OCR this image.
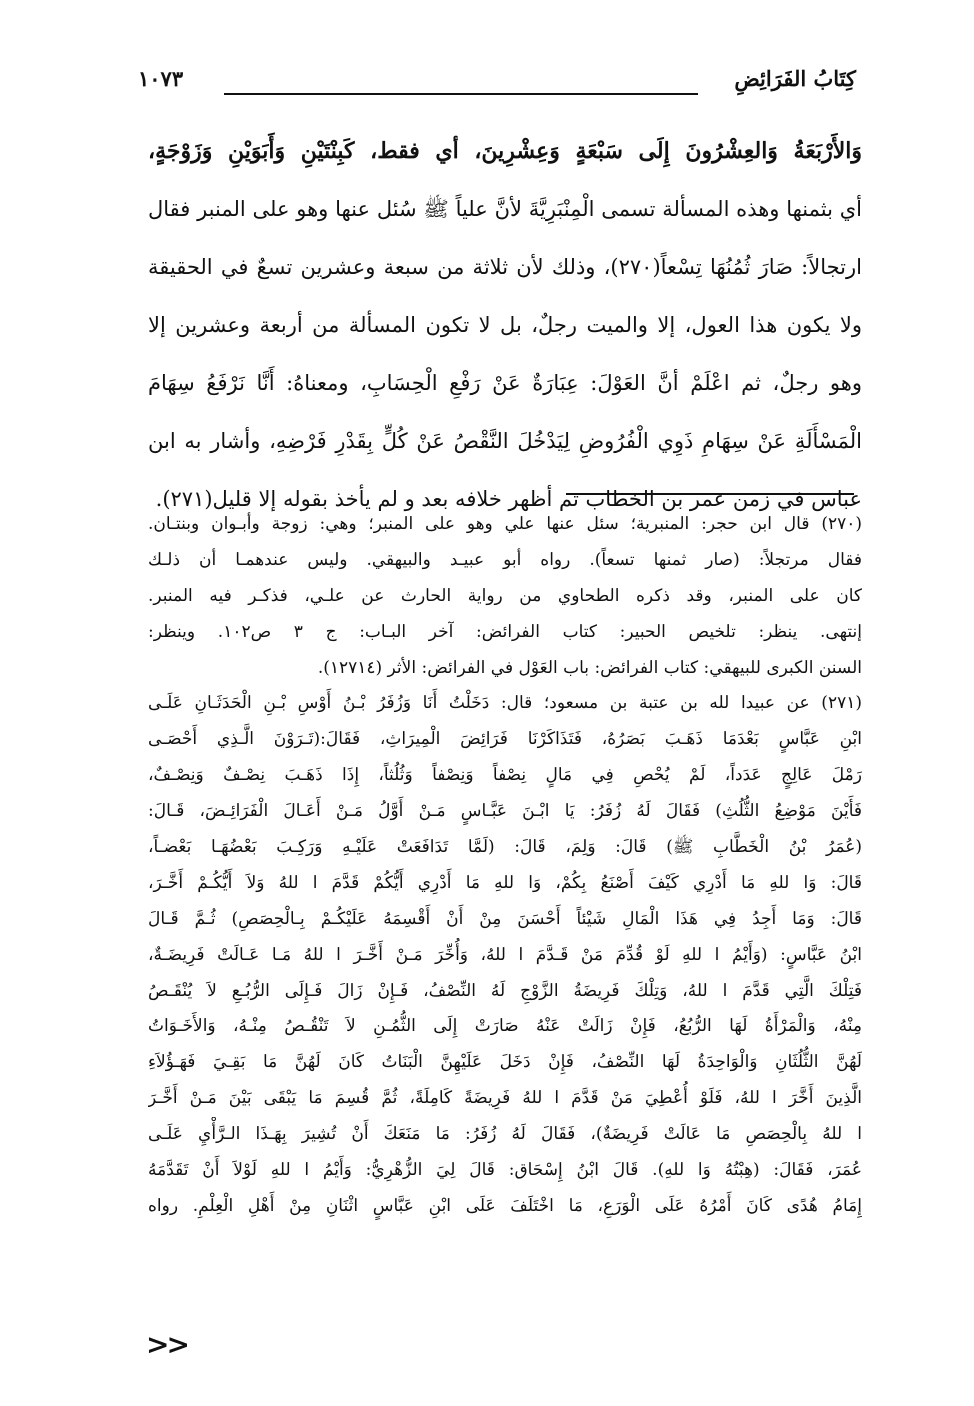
كِتَابُ الفَرَائِضِ
١٠٧٣
وَالأَرْبَعَةُ وَالعِشْرُونَ إِلَى سَبْعَةٍ وَعِشْرِينَ، أي فقط، كَبِنْتَيْنِ وَأَبَوَيْنِ وَزَوْجَةٍ،
أي بثمنها وهذه المسألة تسمى الْمِنْبَرِيَّةَ لأنَّ علياً ﷺ سُئل عنها وهو على المنبر فقال
ارتجالاً: صَارَ ثُمُنُهَا تِسْعاً(٢٧٠)، وذلك لأن ثلاثة من سبعة وعشرين تسعٌ في الحقيقة
ولا يكون هذا العول، إلا والميت رجلٌ، بل لا تكون المسألة من أربعة وعشرين إلا
وهو رجلٌ، ثم اعْلَمْ أنَّ العَوْلَ: عِبَارَةٌ عَنْ رَفْعِ الْحِسَابِ، ومعناهُ: أَنَّا نَرْفَعُ سِهَامَ
الْمَسْأَلَةِ عَنْ سِهَامِ ذَوِي الْفُرُوضِ لِيَدْخُلَ النَّقْصُ عَنْ كُلٍّ بِقَدْرِ فَرْضِهِ، وأشار به ابن
عباس في زمن عمر بن الخطاب ثم أظهر خلافه بعد و لم يأخذ بقوله إلا قليل(٢٧١).
(٢٧٠) قال ابن حجر: المنبرية؛ سئل عنها علي وهو على المنبر؛ وهي: زوجة وأبـوان وبنتـان.
فقال مرتجلاً: (صار ثمنها تسعاً). رواه أبو عبيـد والبيهقي. وليس عندهمـا أن ذلـك
كان على المنبر، وقد ذكره الطحاوي من رواية الحارث عن علـي، فذكـر فيه المنبر.
إنتهى. ينظر: تلخيص الحبير: كتاب الفرائض: آخر البـاب: ج ٣ ص١٠٢. وينظر:
السنن الكبرى للبيهقي: كتاب الفرائض: باب العَوْل في الفرائض: الأثر (١٢٧١٤).
(٢٧١) عن عبيدا لله بن عتبة بن مسعود؛ قال: دَخَلْتُ أَنَا وَزُفَرُ بْـنُ أَوْسِ بْـنِ الْحَدَثَـانِ عَلَـى
ابْنِ عَبَّاسٍ بَعْدَمَا ذَهَـبَ بَصَرُهُ، فَتَذَاكَرْنَا فَرَائِضَ الْمِيرَاثِ، فَقَالَ:(تَـرَوْنَ الَّـذِي أَحْصَـى
رَمْلَ عَالِجٍ عَدَداً، لَمْ يُحْصِ فِي مَالٍ نِصْفاً وَنِصْفاً وَثُلُثاً، إِذَا ذَهَـبَ نِصْـفٌ وَنِصْـفٌ،
فَأَيْنَ مَوْضِعُ الثُّلُثِ) فَقَالَ لَهُ زُفَرُ: يَا ابْـنَ عَبَّـاسٍ مَـنْ أَوَّلُ مَـنْ أَعَـالَ الْفَرَائِـضَ، قَـالَ:
(عُمَرُ بْنُ الْخَطَّابِ ﷺ) قَالَ: وَلِمَ، قَالَ: (لَمَّا تَدَافَعَتْ عَلَيْـهِ وَرَكِـبَ بَعْضُهَـا بَعْضـاً،
قَالَ: وَا للهِ مَا أَدْرِي كَيْفَ أَصْنَعُ بِكُمْ، وَا للهِ مَا أَدْرِي أَيُّكُمْ قَدَّمَ ا للهُ وَلاَ أَيُّكُـمْ أَخَّـرَ،
قَالَ: وَمَا أَجِدُ فِي هَذَا الْمَالِ شَيْئاً أَحْسَنَ مِنْ أَنْ أَقْسِمَهُ عَلَيْكُـمْ بِـالْحِصَصِ) ثُـمَّ قَـالَ
ابْنُ عَبَّاسٍ: (وَأَيْمُ ا للهِ لَوْ قُدِّمَ مَنْ قَـدَّمَ ا للهُ، وَأُخِّرَ مَـنْ أَخَّـرَ ا للهُ مَـا عَـالَتْ فَرِيضَـةٌ،
فَتِلْكَ الَّتِي قَدَّمَ ا للهُ، وَتِلْكَ فَرِيضَةُ الزَّوْجِ لَهُ النِّصْفُ، فَـإِنْ زَالَ فَـإِلَى الرُّبُـعِ لاَ يُنْقَـصُ
مِنْهُ، وَالْمَرْأَةُ لَهَا الرُّبُعُ، فَإِنْ زَالَتْ عَنْهُ صَارَتْ إِلَى الثُّمُـنِ لاَ تَنْقُـصُ مِنْـهُ، وَالأَخَـوَاتُ
لَهُنَّ الثُّلُثَانِ وَالْوَاحِدَةُ لَهَا النِّصْفُ، فَإِنْ دَخَلَ عَلَيْهِنَّ الْبَنَاتُ كَانَ لَهُنَّ مَا بَقِـيَ فَهَـؤُلاَءِ
الَّذِينَ أَخَّرَ ا للهُ، فَلَوْ أُعْطِيَ مَنْ قَدَّمَ ا للهُ فَرِيضَةً كَامِلَةً، ثُمَّ قُسِمَ مَا يَبْقَى بَيْنَ مَـنْ أَخَّـرَ
ا للهُ بِالْحِصَصِ مَا عَالَتْ فَرِيضَةٌ)، فَقَالَ لَهُ زُفَرُ: مَا مَنَعَكَ أَنْ تُشِيرَ بِهَـذَا الـرَّأْيِ عَلَـى
عُمَرَ، فَقَالَ: (هِبْتُهُ وَا للهِ). قَالَ ابْنُ إِسْحَاق: قَالَ لِيَ الزُّهْرِيُّ: وَأَيْمُ ا للهِ لَوْلاَ أَنْ تَقَدَّمَهُ
إِمَامُ هُدًى كَانَ أَمْرُهُ عَلَى الْوَرَعِ، مَا اخْتَلَفَ عَلَى ابْنِ عَبَّاسٍ اثْنَانِ مِنْ أَهْلِ الْعِلْمِ. رواه
<<
